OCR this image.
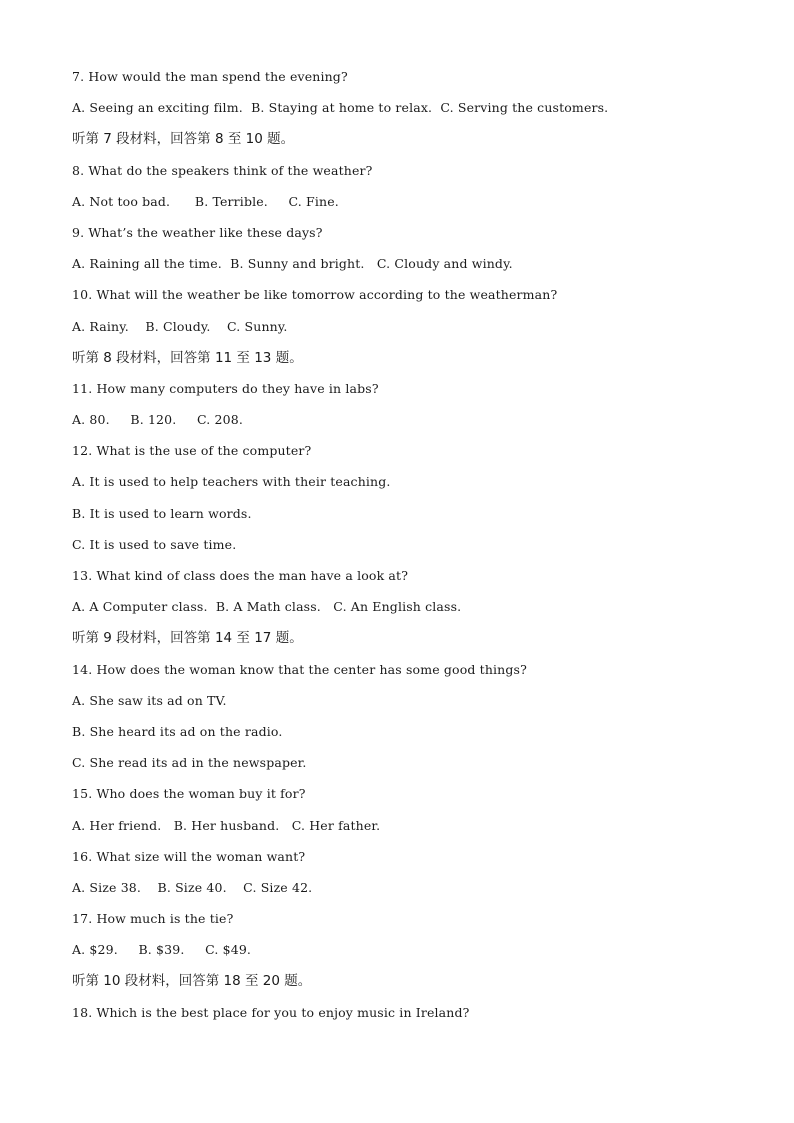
7. How would the man spend the evening?
A. Seeing an exciting film.  B. Staying at home to relax.  C. Serving the customers.
听第 7 段材料，回答第 8 至 10 题。
8. What do the speakers think of the weather?
A. Not too bad.      B. Terrible.     C. Fine.
9. What’s the weather like these days?
A. Raining all the time.  B. Sunny and bright.   C. Cloudy and windy.
10. What will the weather be like tomorrow according to the weatherman?
A. Rainy.    B. Cloudy.    C. Sunny.
听第 8 段材料，回答第 11 至 13 题。
11. How many computers do they have in labs?
A. 80.     B. 120.     C. 208.
12. What is the use of the computer?
A. It is used to help teachers with their teaching.
B. It is used to learn words.
C. It is used to save time.
13. What kind of class does the man have a look at?
A. A Computer class.  B. A Math class.   C. An English class.
听第 9 段材料，回答第 14 至 17 题。
14. How does the woman know that the center has some good things?
A. She saw its ad on TV.
B. She heard its ad on the radio.
C. She read its ad in the newspaper.
15. Who does the woman buy it for?
A. Her friend.   B. Her husband.   C. Her father.
16. What size will the woman want?
A. Size 38.    B. Size 40.    C. Size 42.
17. How much is the tie?
A. $29.     B. $39.     C. $49.
听第 10 段材料，回答第 18 至 20 题。
18. Which is the best place for you to enjoy music in Ireland?
